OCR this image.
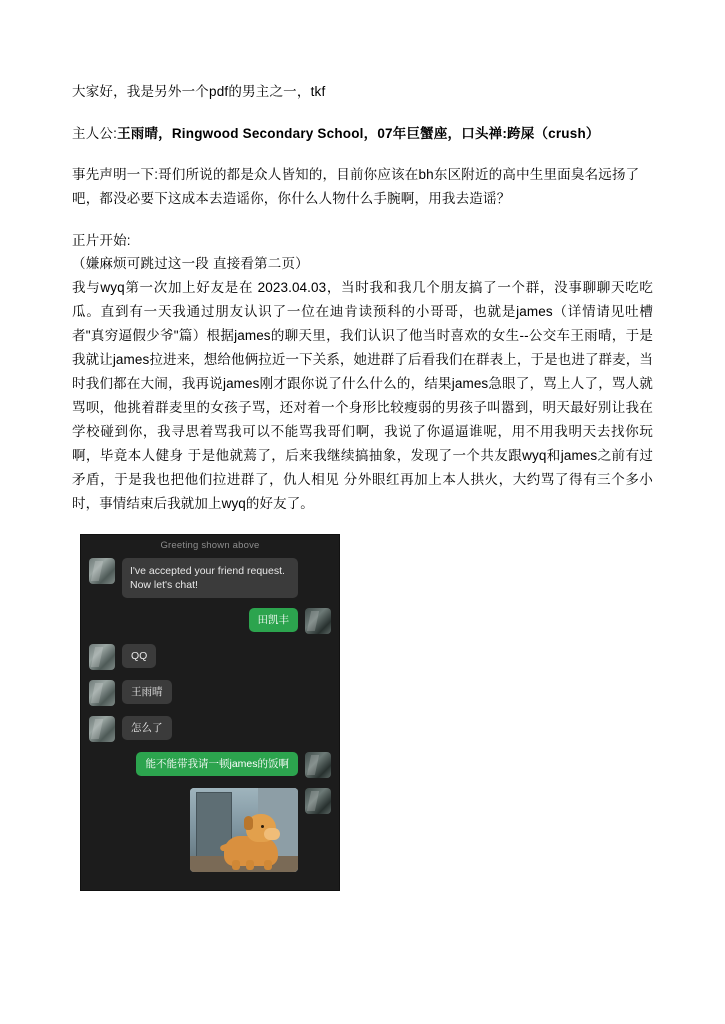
大家好，我是另外一个pdf的男主之一，tkf

主人公:王雨晴，Ringwood Secondary School，07年巨蟹座，口头禅:跨屎（crush）

事先声明一下:哥们所说的都是众人皆知的，目前你应该在bh东区附近的高中生里面臭名远扬了吧，都没必要下这成本去造谣你，你什么人物什么手腕啊，用我去造谣？

正片开始:

（嫌麻烦可跳过这一段 直接看第二页）

我与wyq第一次加上好友是在 2023.04.03，当时我和我几个朋友搞了一个群，没事聊聊天吃吃瓜。直到有一天我通过朋友认识了一位在迪肯读预科的小哥哥，也就是james（详情请见吐槽者"真穷逼假少爷"篇）根据james的聊天里，我们认识了他当时喜欢的女生--公交车王雨晴，于是我就让james拉进来，想给他俩拉近一下关系，她进群了后看我们在群表上，于是也进了群麦，当时我们都在大闹，我再说james刚才跟你说了什么什么的，结果james急眼了，骂上人了，骂人就骂呗，他挑着群麦里的女孩子骂，还对着一个身形比较瘦弱的男孩子叫嚣到，明天最好别让我在学校碰到你，我寻思着骂我可以不能骂我哥们啊，我说了你逼逼谁呢，用不用我明天去找你玩啊，毕竟本人健身 于是他就蔫了，后来我继续搞抽象，发现了一个共友跟wyq和james之前有过矛盾，于是我也把他们拉进群了，仇人相见 分外眼红再加上本人拱火，大约骂了得有三个多小时，事情结束后我就加上wyq的好友了。

Greeting shown above
I've accepted your friend request. Now let's chat!
田凯丰
QQ
王雨晴
怎么了
能不能带我请一顿james的饭啊
